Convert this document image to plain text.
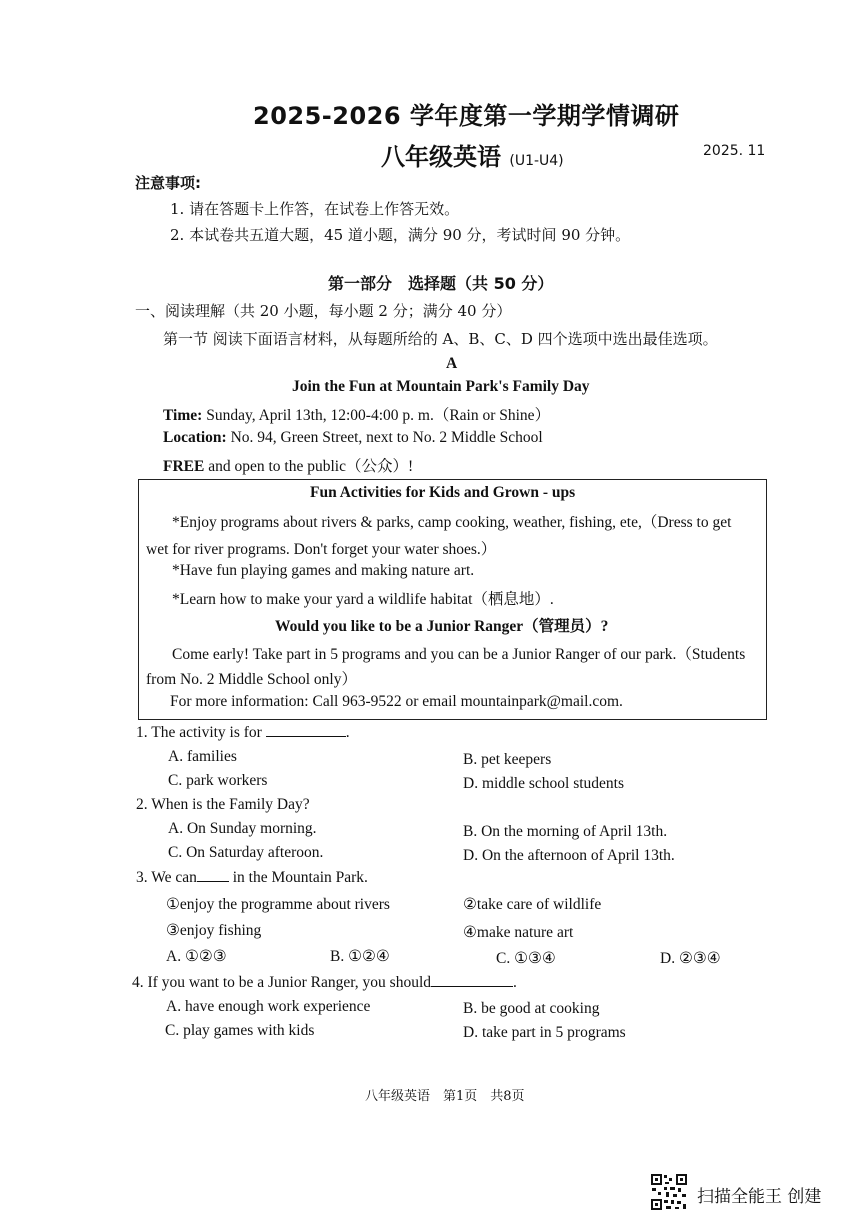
2025-2026 学年度第一学期学情调研
八年级英语 (U1-U4)
2025. 11
注意事项:
1. 请在答题卡上作答，在试卷上作答无效。
2. 本试卷共五道大题，45 道小题，满分 90 分，考试时间 90 分钟。
第一部分　选择题（共 50 分）
一、阅读理解（共 20 小题，每小题 2 分；满分 40 分）
第一节 阅读下面语言材料，从每题所给的 A、B、C、D 四个选项中选出最佳选项。
A
Join the Fun at Mountain Park's Family Day
Time: Sunday, April 13th, 12:00-4:00 p. m.（Rain or Shine）
Location: No. 94, Green Street, next to No. 2 Middle School
FREE and open to the public（公众）!
Fun Activities for Kids and Grown - ups
*Enjoy programs about rivers & parks, camp cooking, weather, fishing, ete,（Dress to get
wet for river programs. Don't forget your water shoes.）
*Have fun playing games and making nature art.
*Learn how to make your yard a wildlife habitat（栖息地）.
Would you like to be a Junior Ranger（管理员）?
Come early! Take part in 5 programs and you can be a Junior Ranger of our park.（Students
from No. 2 Middle School only）
For more information: Call 963-9522 or email mountainpark@mail.com.
1. The activity is for	.
A. families	B. pet keepers
C. park workers	D. middle school students
2. When is the Family Day?
A. On Sunday morning.	B. On the morning of April 13th.
C. On Saturday afteroon.	D. On the afternoon of April 13th.
3. We can in the Mountain Park.
①enjoy the programme about rivers	②take care of wildlife
③enjoy fishing	④make nature art
A. ①②③	B. ①②④	C. ①③④	D. ②③④
4. If you want to be a Junior Ranger, you should	.
A. have enough work experience	B. be good at cooking
C. play games with kids	D. take part in 5 programs
八年级英语　第1页　共8页
扫描全能王 创建
